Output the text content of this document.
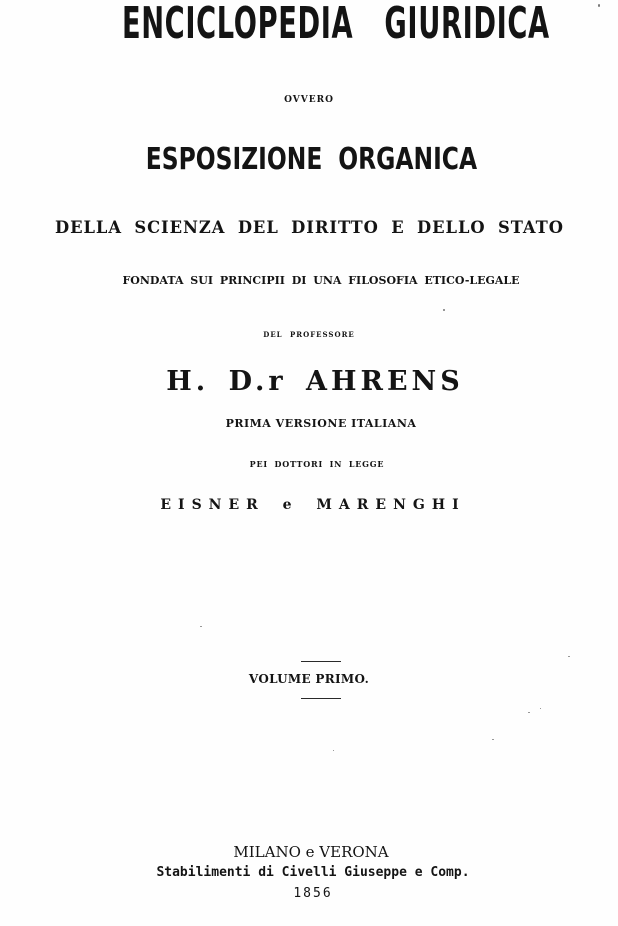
ENCICLOPEDIA GIURIDICA
OVVERO
ESPOSIZIONE ORGANICA
DELLA SCIENZA DEL DIRITTO E DELLO STATO
FONDATA SUI PRINCIPII DI UNA FILOSOFIA ETICO-LEGALE
DEL PROFESSORE
H. D.r AHRENS
PRIMA VERSIONE ITALIANA
PEI DOTTORI IN LEGGE
EISNER e MARENGHI
VOLUME PRIMO.
MILANO e VERONA
Stabilimenti di Civelli Giuseppe e Comp.
1856
